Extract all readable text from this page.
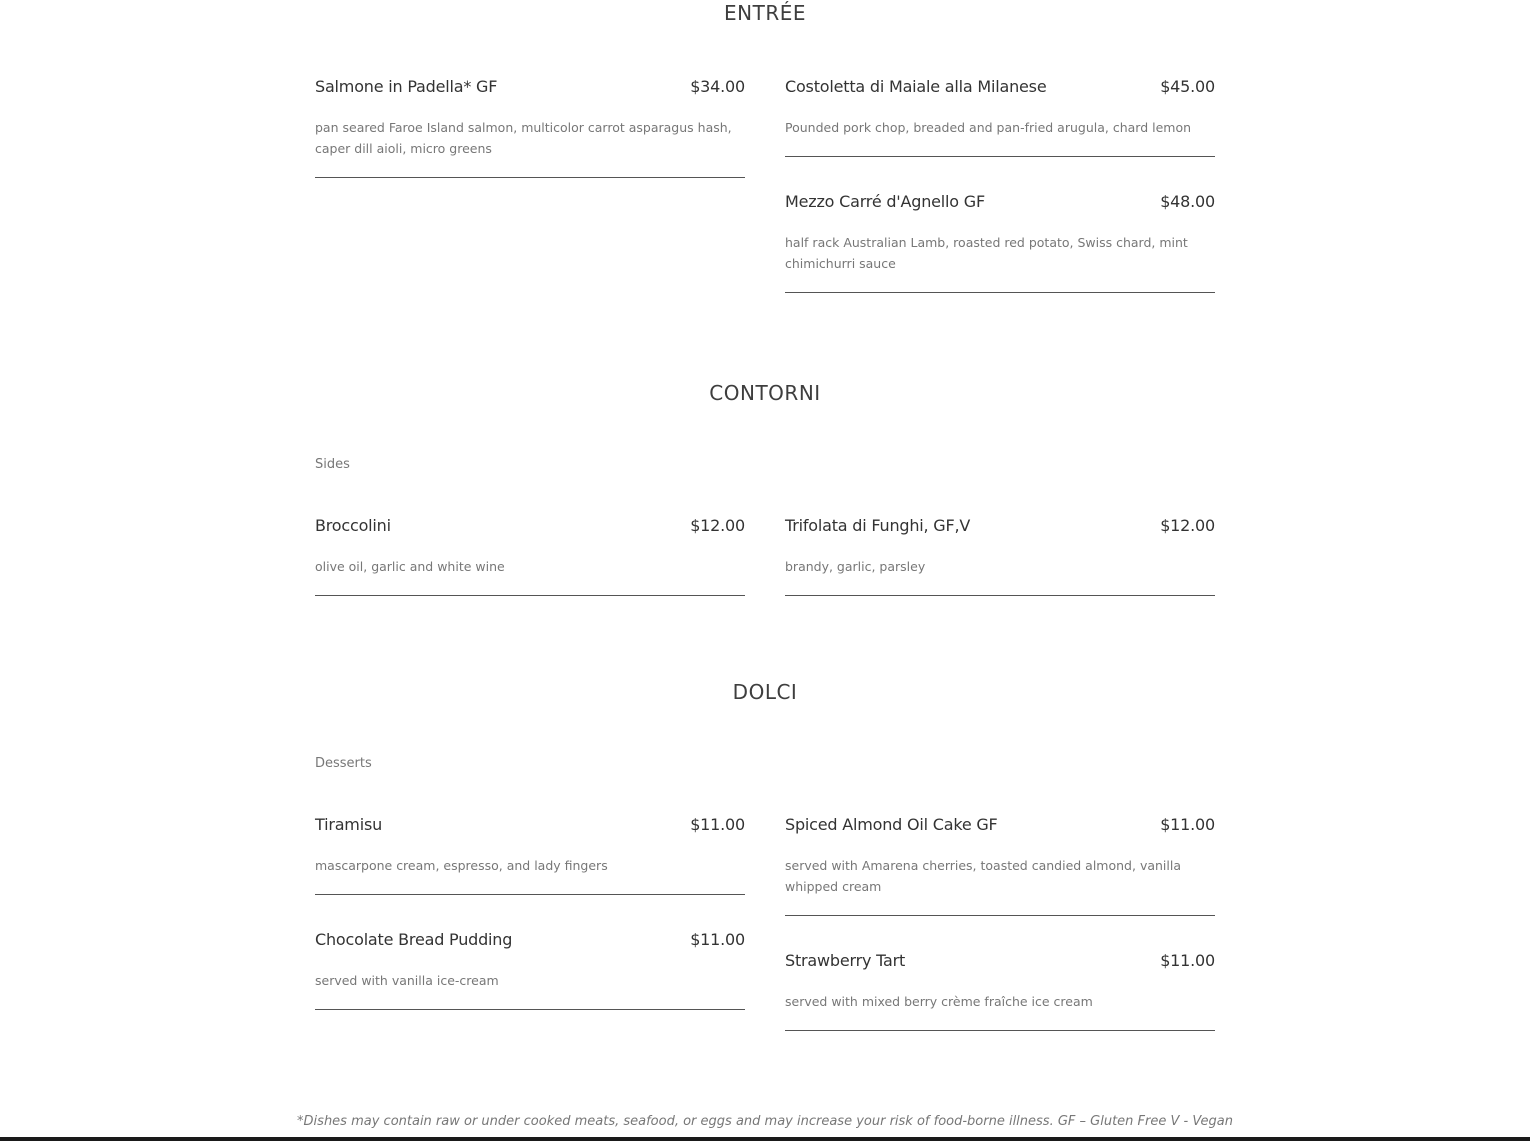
ENTRÉE
Salmone in Padella* GF	$34.00
pan seared Faroe Island salmon, multicolor carrot asparagus hash, caper dill aioli, micro greens
Costoletta di Maiale alla Milanese	$45.00
Pounded pork chop, breaded and pan-fried arugula, chard lemon
Mezzo Carré d'Agnello GF	$48.00
half rack Australian Lamb, roasted red potato, Swiss chard, mint chimichurri sauce
CONTORNI
Sides
Broccolini	$12.00
olive oil, garlic and white wine
Trifolata di Funghi, GF,V	$12.00
brandy, garlic, parsley
DOLCI
Desserts
Tiramisu	$11.00
mascarpone cream, espresso, and lady fingers
Spiced Almond Oil Cake GF	$11.00
served with Amarena cherries, toasted candied almond, vanilla whipped cream
Chocolate Bread Pudding	$11.00
served with vanilla ice-cream
Strawberry Tart	$11.00
served with mixed berry crème fraîche ice cream
*Dishes may contain raw or under cooked meats, seafood, or eggs and may increase your risk of food-borne illness. GF – Gluten Free V - Vegan
